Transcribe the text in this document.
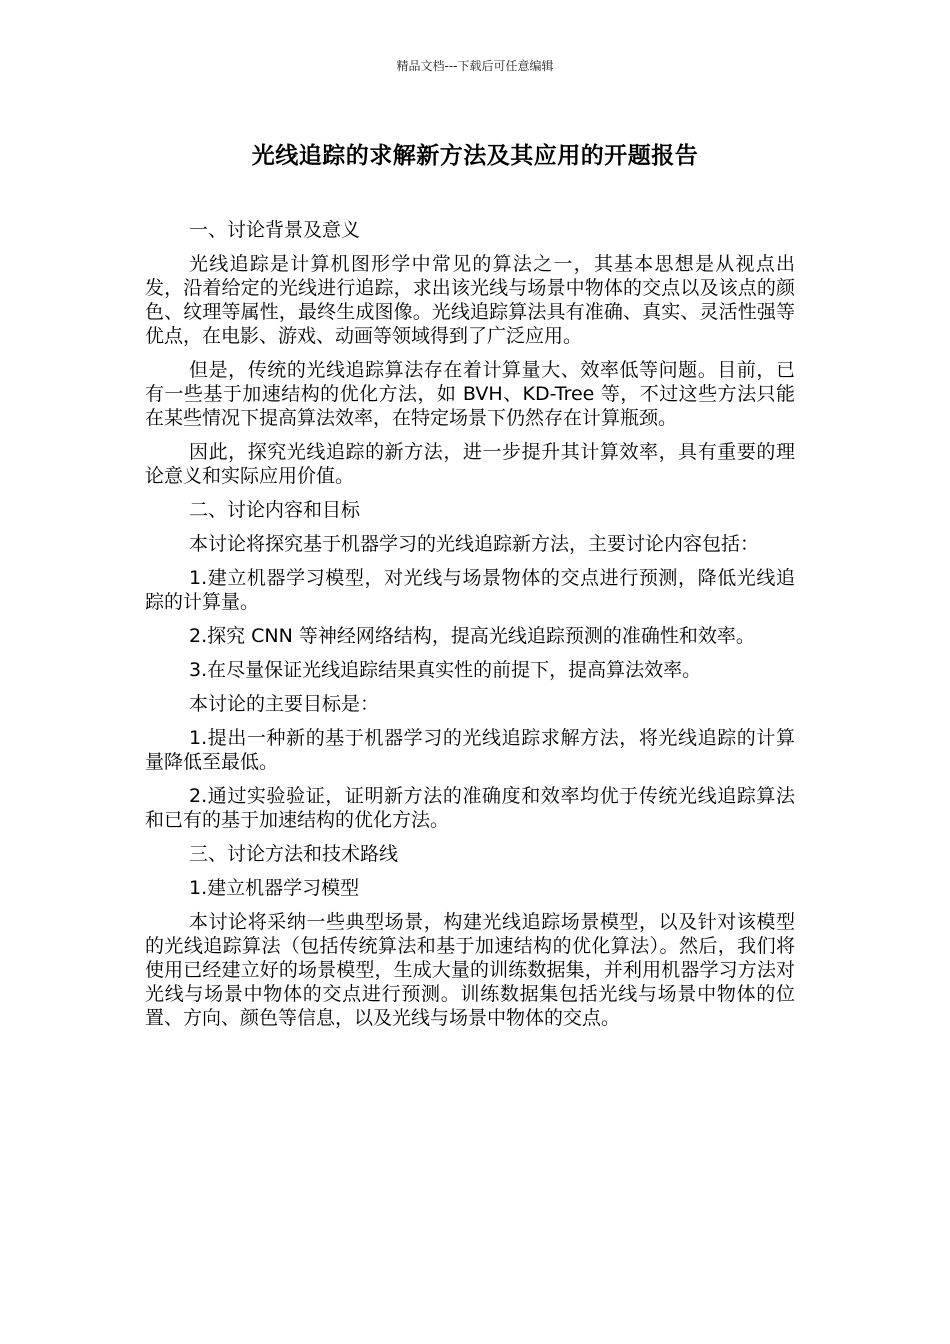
精品文档---下载后可任意编辑
光线追踪的求解新方法及其应用的开题报告

一、讨论背景及意义

光线追踪是计算机图形学中常见的算法之一，其基本思想是从视点出发，沿着给定的光线进行追踪，求出该光线与场景中物体的交点以及该点的颜色、纹理等属性，最终生成图像。光线追踪算法具有准确、真实、灵活性强等优点，在电影、游戏、动画等领域得到了广泛应用。

但是，传统的光线追踪算法存在着计算量大、效率低等问题。目前，已有一些基于加速结构的优化方法，如 BVH、KD-Tree 等，不过这些方法只能在某些情况下提高算法效率，在特定场景下仍然存在计算瓶颈。

因此，探究光线追踪的新方法，进一步提升其计算效率，具有重要的理论意义和实际应用价值。

二、讨论内容和目标

本讨论将探究基于机器学习的光线追踪新方法，主要讨论内容包括：

1.建立机器学习模型，对光线与场景物体的交点进行预测，降低光线追踪的计算量。

2.探究 CNN 等神经网络结构，提高光线追踪预测的准确性和效率。

3.在尽量保证光线追踪结果真实性的前提下，提高算法效率。

本讨论的主要目标是：

1.提出一种新的基于机器学习的光线追踪求解方法，将光线追踪的计算量降低至最低。

2.通过实验验证，证明新方法的准确度和效率均优于传统光线追踪算法和已有的基于加速结构的优化方法。

三、讨论方法和技术路线

1.建立机器学习模型

本讨论将采纳一些典型场景，构建光线追踪场景模型，以及针对该模型的光线追踪算法（包括传统算法和基于加速结构的优化算法）。然后，我们将使用已经建立好的场景模型，生成大量的训练数据集，并利用机器学习方法对光线与场景中物体的交点进行预测。训练数据集包括光线与场景中物体的位置、方向、颜色等信息，以及光线与场景中物体的交点。
